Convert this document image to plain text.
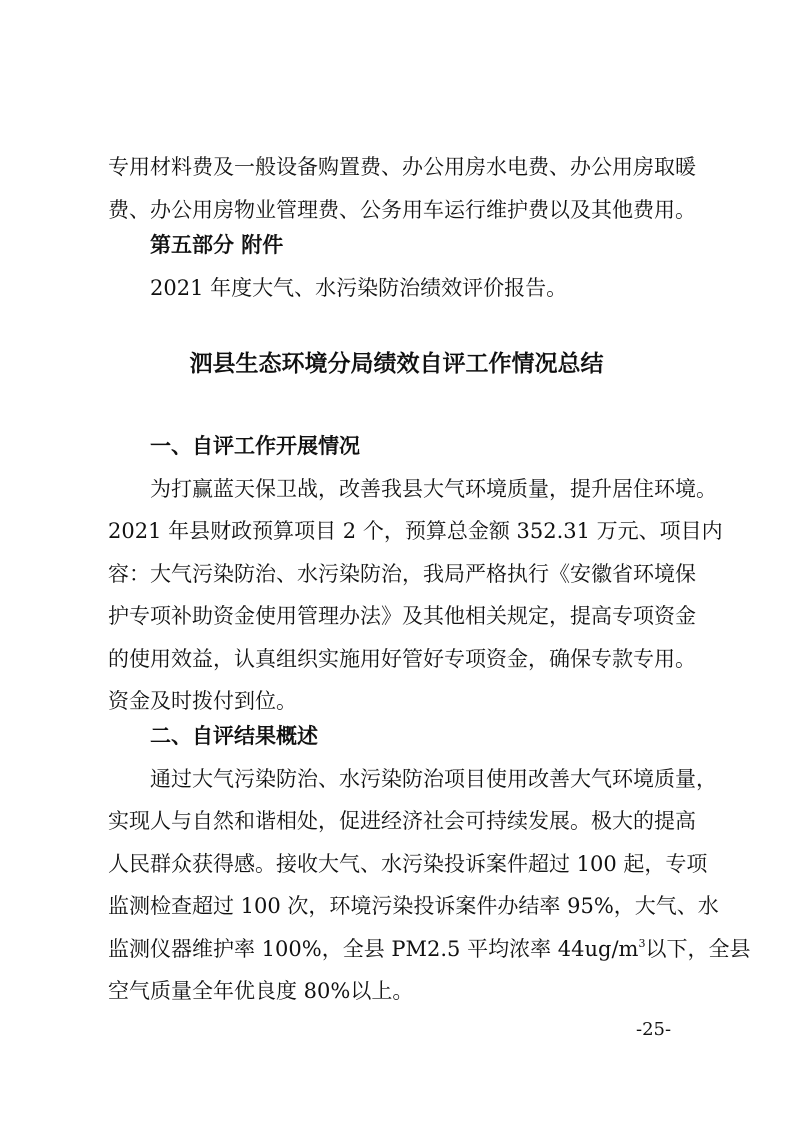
专用材料费及一般设备购置费、办公用房水电费、办公用房取暖
费、办公用房物业管理费、公务用车运行维护费以及其他费用。
第五部分 附件
2021 年度大气、水污染防治绩效评价报告。
泗县生态环境分局绩效自评工作情况总结
一、自评工作开展情况
为打赢蓝天保卫战，改善我县大气环境质量，提升居住环境。
2021 年县财政预算项目 2 个，预算总金额 352.31 万元、项目内
容：大气污染防治、水污染防治，我局严格执行《安徽省环境保
护专项补助资金使用管理办法》及其他相关规定，提高专项资金
的使用效益，认真组织实施用好管好专项资金，确保专款专用。
资金及时拨付到位。
二、自评结果概述
通过大气污染防治、水污染防治项目使用改善大气环境质量，
实现人与自然和谐相处，促进经济社会可持续发展。极大的提高
人民群众获得感。接收大气、水污染投诉案件超过 100 起，专项
监测检查超过 100 次，环境污染投诉案件办结率 95%，大气、水
监测仪器维护率 100%，全县 PM2.5 平均浓率 $44ug/m^3$以下，全县
空气质量全年优良度 80%以上。
-25-
